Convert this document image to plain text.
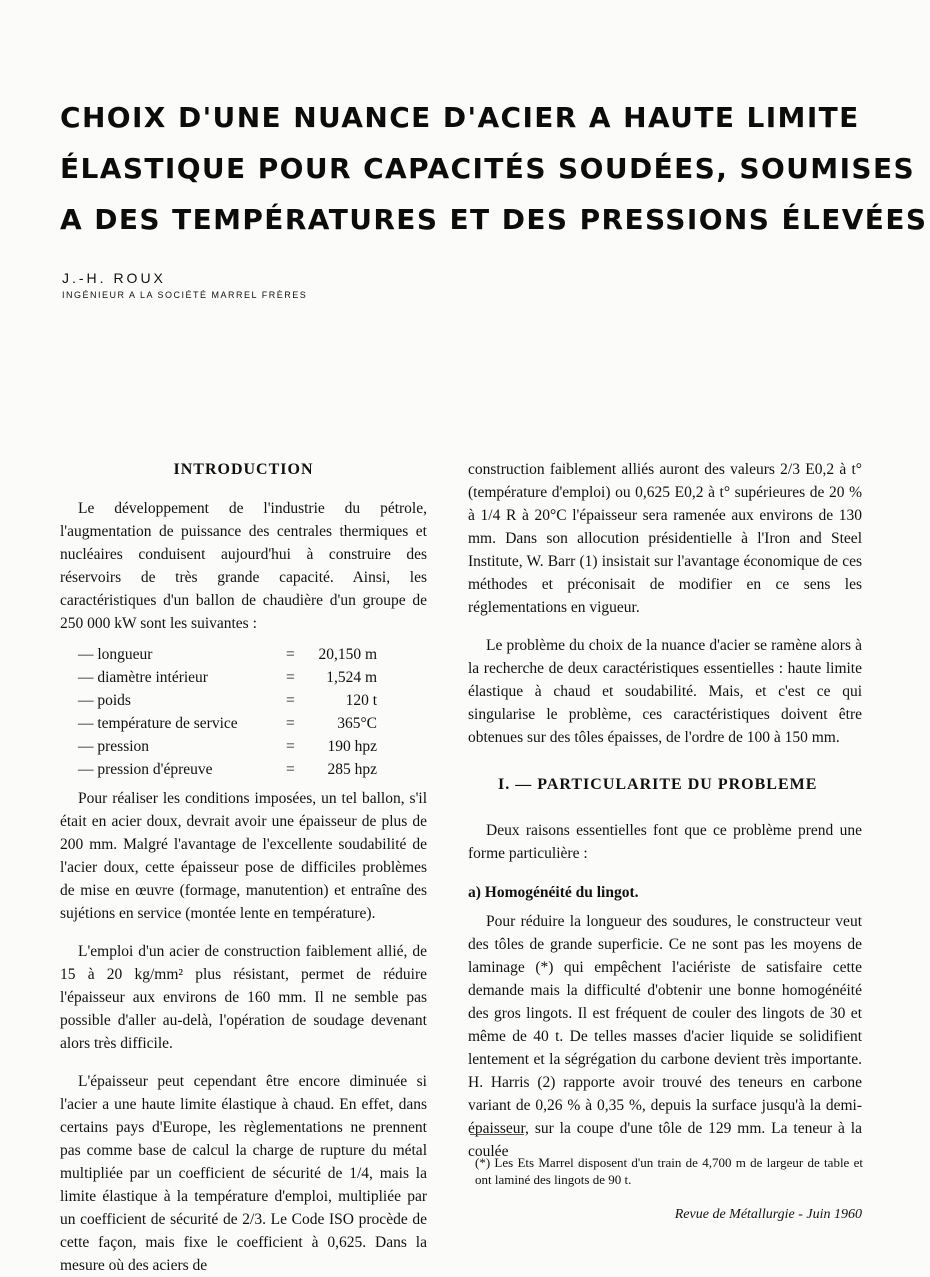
CHOIX D'UNE NUANCE D'ACIER A HAUTE LIMITE
ÉLASTIQUE POUR CAPACITÉS SOUDÉES, SOUMISES
A DES TEMPÉRATURES ET DES PRESSIONS ÉLEVÉES
J.-H. ROUX
INGÉNIEUR A LA SOCIÉTÉ MARREL FRÈRES
INTRODUCTION

Le développement de l'industrie du pétrole, l'augmentation de puissance des centrales thermiques et nucléaires conduisent aujourd'hui à construire des réservoirs de très grande capacité. Ainsi, les caractéristiques d'un ballon de chaudière d'un groupe de 250 000 kW sont les suivantes :

— longueur	= 20,150 m
— diamètre intérieur	= 1,524 m
— poids	=	120 t
— température de service	=	365°C
— pression	= 190 hpz
— pression d'épreuve	= 285 hpz

Pour réaliser les conditions imposées, un tel ballon, s'il était en acier doux, devrait avoir une épaisseur de plus de 200 mm. Malgré l'avantage de l'excellente soudabilité de l'acier doux, cette épaisseur pose de difficiles problèmes de mise en œuvre (formage, manutention) et entraîne des sujétions en service (montée lente en température).

L'emploi d'un acier de construction faiblement allié, de 15 à 20 kg/mm² plus résistant, permet de réduire l'épaisseur aux environs de 160 mm. Il ne semble pas possible d'aller au-delà, l'opération de soudage devenant alors très difficile.

L'épaisseur peut cependant être encore diminuée si l'acier a une haute limite élastique à chaud. En effet, dans certains pays d'Europe, les règlementations ne prennent pas comme base de calcul la charge de rupture du métal multipliée par un coefficient de sécurité de 1/4, mais la limite élastique à la température d'emploi, multipliée par un coefficient de sécurité de 2/3. Le Code ISO procède de cette façon, mais fixe le coefficient à 0,625. Dans la mesure où des aciers de

construction faiblement alliés auront des valeurs 2/3 E0,2 à t° (température d'emploi) ou 0,625 E0,2 à t° supérieures de 20 % à 1/4 R à 20°C l'épaisseur sera ramenée aux environs de 130 mm. Dans son allocution présidentielle à l'Iron and Steel Institute, W. Barr (1) insistait sur l'avantage économique de ces méthodes et préconisait de modifier en ce sens les réglementations en vigueur.

Le problème du choix de la nuance d'acier se ramène alors à la recherche de deux caractéristiques essentielles : haute limite élastique à chaud et soudabilité. Mais, et c'est ce qui singularise le problème, ces caractéristiques doivent être obtenues sur des tôles épaisses, de l'ordre de 100 à 150 mm.

I. — PARTICULARITE DU PROBLEME

Deux raisons essentielles font que ce problème prend une forme particulière :

a) Homogénéité du lingot.

Pour réduire la longueur des soudures, le constructeur veut des tôles de grande superficie. Ce ne sont pas les moyens de laminage (*) qui empêchent l'aciériste de satisfaire cette demande mais la difficulté d'obtenir une bonne homogénéité des gros lingots. Il est fréquent de couler des lingots de 30 et même de 40 t. De telles masses d'acier liquide se solidifient lentement et la ségrégation du carbone devient très importante. H. Harris (2) rapporte avoir trouvé des teneurs en carbone variant de 0,26 % à 0,35 %, depuis la surface jusqu'à la demi-épaisseur, sur la coupe d'une tôle de 129 mm. La teneur à la coulée

(*) Les Ets Marrel disposent d'un train de 4,700 m de largeur de table et ont laminé des lingots de 90 t.
Revue de Métallurgie - Juin 1960
